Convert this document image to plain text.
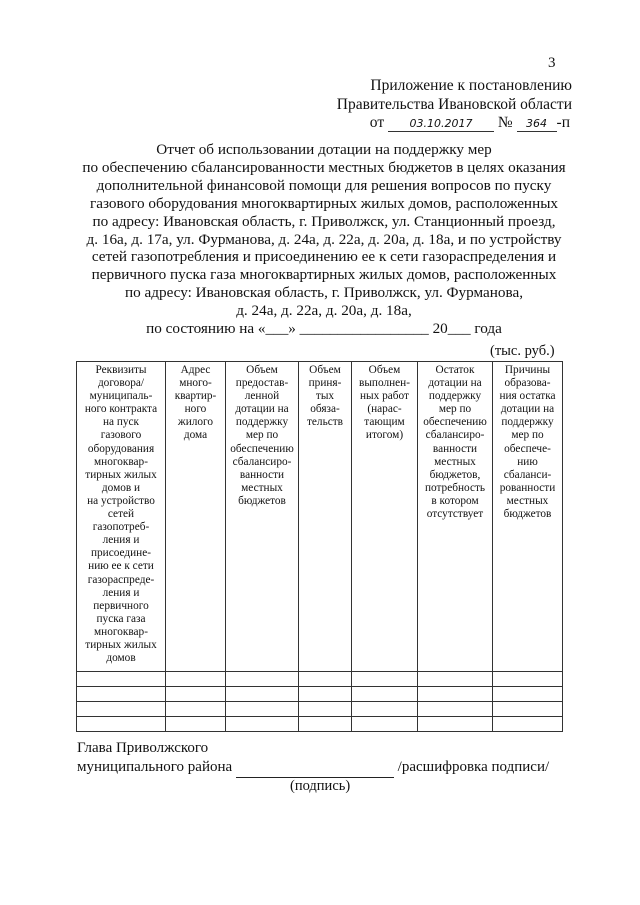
3
Приложение к постановлению
Правительства Ивановской области
от 03.10.2017 № 364 -п
Отчет об использовании дотации на поддержку мер
по обеспечению сбалансированности местных бюджетов в целях оказания
дополнительной финансовой помощи для решения вопросов по пуску
газового оборудования многоквартирных жилых домов, расположенных
по адресу: Ивановская область, г. Приволжск, ул. Станционный проезд,
д. 16а, д. 17а, ул. Фурманова, д. 24а, д. 22а, д. 20а, д. 18а, и по устройству
сетей газопотребления и присоединению ее к сети газораспределения и
первичного пуска газа многоквартирных жилых домов, расположенных
по адресу: Ивановская область, г. Приволжск, ул. Фурманова,
д. 24а, д. 22а, д. 20а, д. 18а,
по состоянию на «___» _________________ 20___ года
(тыс. руб.)
Реквизиты
договора/
муниципаль-
ного контракта
на пуск
газового
оборудования
многоквар-
тирных жилых
домов и
на устройство
сетей
газопотреб-
ления и
присоедине-
нию ее к сети
газораспреде-
ления и
первичного
пуска газа
многоквар-
тирных жилых
домов

Адрес
много-
квартир-
ного
жилого
дома

Объем
предостав-
ленной
дотации на
поддержку
мер по
обеспечению
сбалансиро-
ванности
местных
бюджетов

Объем
приня-
тых
обяза-
тельств

Объем
выполнен-
ных работ
(нарас-
тающим
итогом)

Остаток
дотации на
поддержку
мер по
обеспечению
сбалансиро-
ванности
местных
бюджетов,
потребность
в котором
отсутствует

Причины
образова-
ния остатка
дотации на
поддержку
мер по
обеспече-
нию
сбаланси-
рованности
местных
бюджетов

Глава Приволжского
муниципального района	/расшифровка подписи/
(подпись)
